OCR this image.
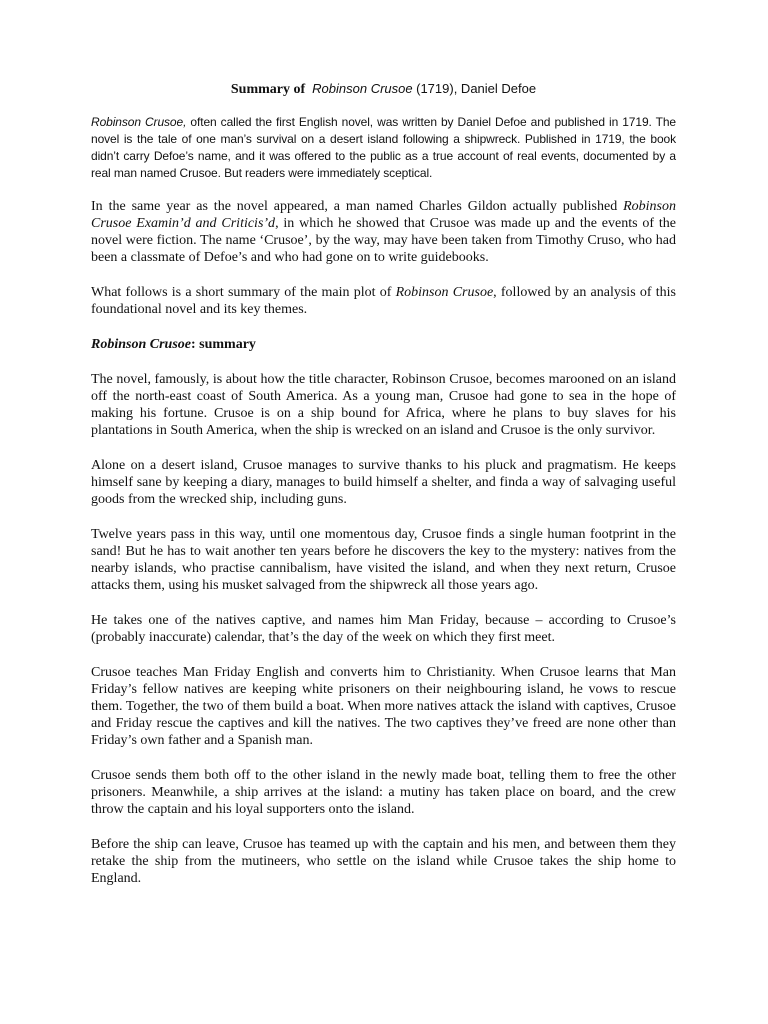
Summary of Robinson Crusoe (1719), Daniel Defoe

Robinson Crusoe, often called the first English novel, was written by Daniel Defoe and published in 1719. The novel is the tale of one man’s survival on a desert island following a shipwreck. Published in 1719, the book didn’t carry Defoe’s name, and it was offered to the public as a true account of real events, documented by a real man named Crusoe. But readers were immediately sceptical.

In the same year as the novel appeared, a man named Charles Gildon actually published Robinson Crusoe Examin’d and Criticis’d, in which he showed that Crusoe was made up and the events of the novel were fiction. The name ‘Crusoe’, by the way, may have been taken from Timothy Cruso, who had been a classmate of Defoe’s and who had gone on to write guidebooks.

What follows is a short summary of the main plot of Robinson Crusoe, followed by an analysis of this foundational novel and its key themes.

Robinson Crusoe: summary

The novel, famously, is about how the title character, Robinson Crusoe, becomes marooned on an island off the north-east coast of South America. As a young man, Crusoe had gone to sea in the hope of making his fortune. Crusoe is on a ship bound for Africa, where he plans to buy slaves for his plantations in South America, when the ship is wrecked on an island and Crusoe is the only survivor.

Alone on a desert island, Crusoe manages to survive thanks to his pluck and pragmatism. He keeps himself sane by keeping a diary, manages to build himself a shelter, and finda a way of salvaging useful goods from the wrecked ship, including guns.

Twelve years pass in this way, until one momentous day, Crusoe finds a single human footprint in the sand! But he has to wait another ten years before he discovers the key to the mystery: natives from the nearby islands, who practise cannibalism, have visited the island, and when they next return, Crusoe attacks them, using his musket salvaged from the shipwreck all those years ago.

He takes one of the natives captive, and names him Man Friday, because – according to Crusoe’s (probably inaccurate) calendar, that’s the day of the week on which they first meet.

Crusoe teaches Man Friday English and converts him to Christianity. When Crusoe learns that Man Friday’s fellow natives are keeping white prisoners on their neighbouring island, he vows to rescue them. Together, the two of them build a boat. When more natives attack the island with captives, Crusoe and Friday rescue the captives and kill the natives. The two captives they’ve freed are none other than Friday’s own father and a Spanish man.

Crusoe sends them both off to the other island in the newly made boat, telling them to free the other prisoners. Meanwhile, a ship arrives at the island: a mutiny has taken place on board, and the crew throw the captain and his loyal supporters onto the island.

Before the ship can leave, Crusoe has teamed up with the captain and his men, and between them they retake the ship from the mutineers, who settle on the island while Crusoe takes the ship home to England.
